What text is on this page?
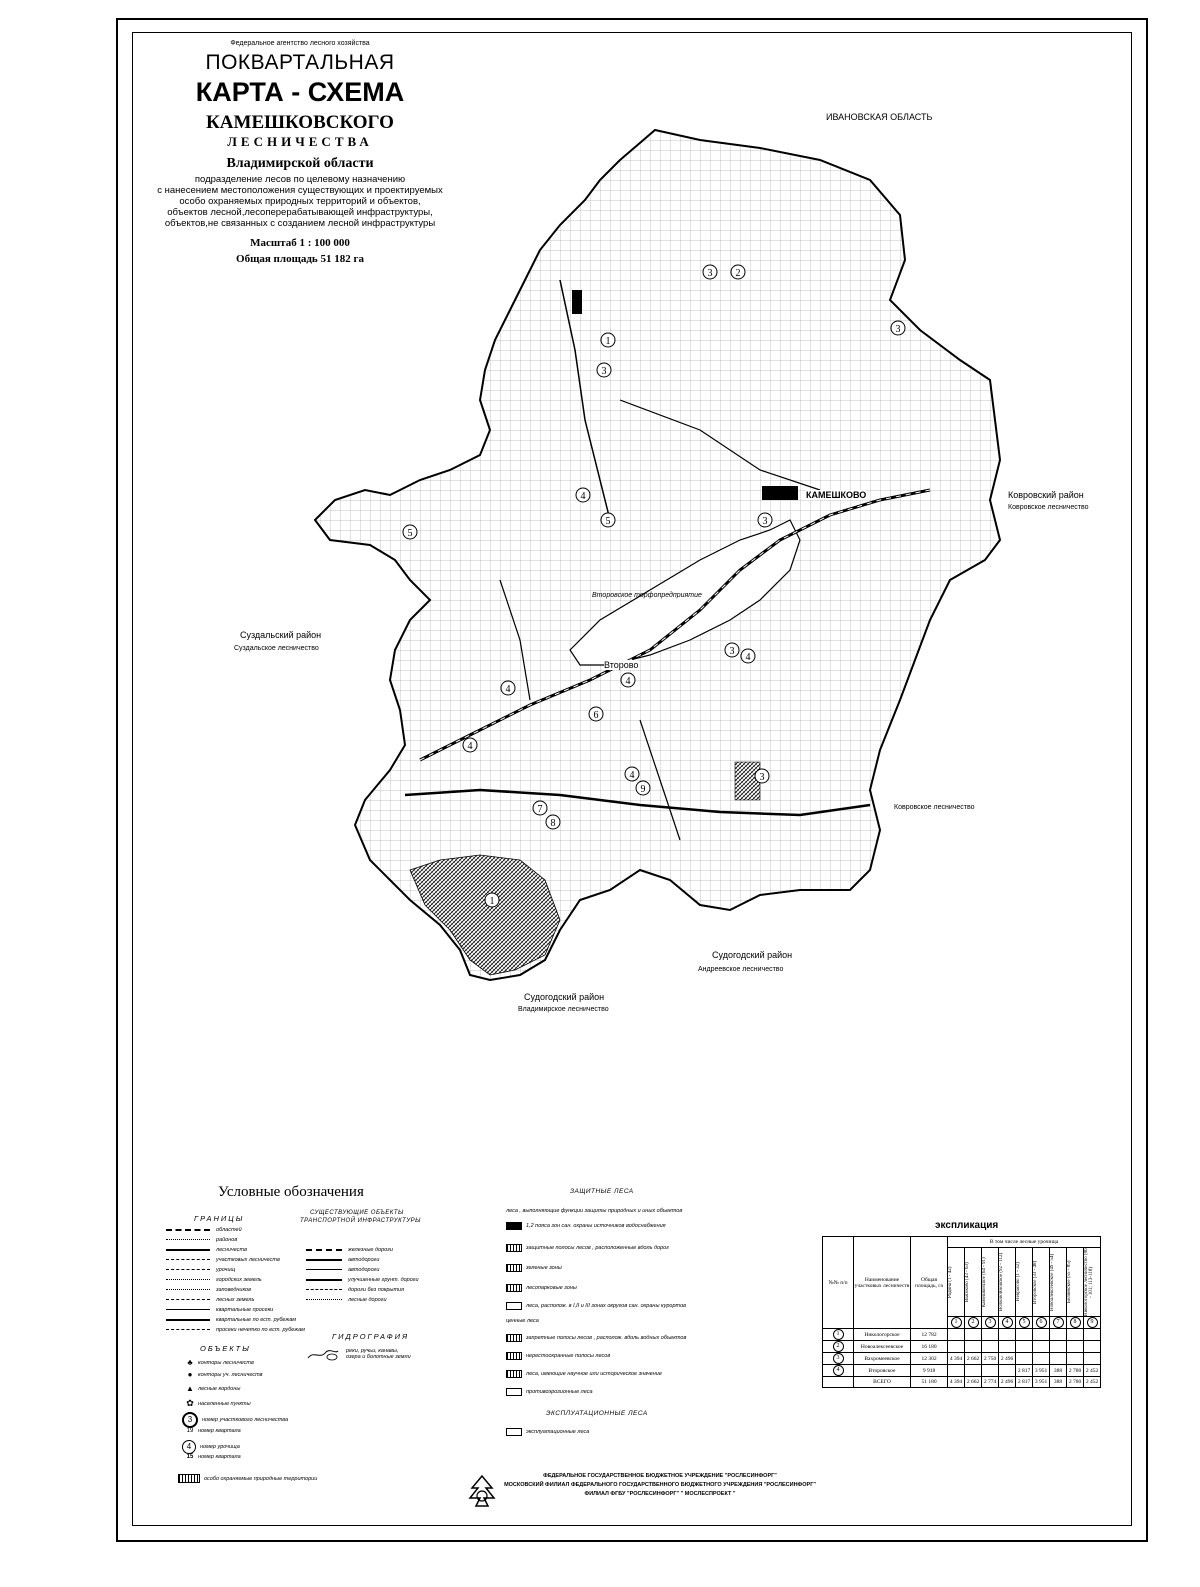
Федеральное агентство лесного хозяйства
ПОКВАРТАЛЬНАЯ
КАРТА - СХЕМА
КАМЕШКОВСКОГО
ЛЕСНИЧЕСТВА
Владимирской области
подразделение лесов по целевому назначению
с нанесением местоположения существующих и проектируемых
особо охраняемых природных территорий и объектов,
объектов лесной,лесоперерабатывающей инфраструктуры,
объектов,не связанных с созданием лесной инфраструктуры
Масштаб 1 : 100 000
Общая площадь 51 182 га
3 2
3
1
3
5
4
5
3
3
4
4
4
6
4
7
8
9
4	3
1
ИВАНОВСКАЯ ОБЛАСТЬ
Ковровский район
Ковровское лесничество
Ковровское лесничество
Суздальский район
Суздальское лесничество
Судогодский район
Андреевское лесничество
Судогодский район
Владимирское лесничество
КАМЕШКОВО
Второво
Второвское торфопредприятие
Условные обозначения
ГРАНИЦЫ
областей
районов
лесничеств
участковых лесничеств
урочищ
городских земель
заповедников
лесных земель
квартальные просеки
квартальные по ест. рубежам
просеки нечетко по ест. рубежам
ОБЪЕКТЫ
♣ конторы лесничеств
●	конторы уч. лесничеств
▲ лесные кордоны
✿ населенные пункты
3	номер участкового лесничества
19 номер квартала
4	номер урочища
15 номер квартала
особо охраняемые природные территории
СУЩЕСТВУЮЩИЕ ОБЪЕКТЫ
ТРАНСПОРТНОЙ ИНФРАСТРУКТУРЫ
железные дороги
автодороги
автодороги
улучшенные грунт. дороги
дороги без покрытия
лесные дороги
ГИДРОГРАФИЯ
реки, ручьи, канавы,
озера и болотные земли
ЗАЩИТНЫЕ ЛЕСА
леса , выполняющие функции защиты природных и иных объектов
1,2 пояса зон сан. охраны источников водоснабжения
защитные полосы лесов , расположенные вдоль дорог
зеленые зоны
лесопарковые зоны
леса, располож. в I,II и III зонах округов сан. охраны курортов
ценные леса
запретные полосы лесов , располож. вдоль водных объектов
нерестоохранные полосы лесов
леса, имеющие научное или историческое значение
противоэрозионные леса
ЭКСПЛУАТАЦИОННЫЕ ЛЕСА
эксплуатационные леса
экспликация
№№ п/п	Наименование участковых лесничеств	Общая площадь, га	В том числе лесные урочища								

			Радина (1 - 42)	Высоково (43 - 63)	Камешковское (64 - 91)	Волковойновское (92 - 112)	Некрасово (1 - 32)	Второвское (33 - 48)	Новоалексеевское (49 - 54)	Беляевское (55 - 85)	Никологорское лесничество (86 - 101; 113-118)

			1	2	3	4	5	6	7	8	9
1	Никологорское	12 782									
2	Новоалексеевское	16 180									
3	Вахромеевское	12 302	4 394	2 662	2 750	2 496					
4	Второвское	9 918					2 817	3 951	388	2 780	2 452
	ВСЕГО	51 180	4 394	2 662	2 774	2 496	2 817	3 951	388	2 780	2 452
ФЕДЕРАЛЬНОЕ ГОСУДАРСТВЕННОЕ БЮДЖЕТНОЕ УЧРЕЖДЕНИЕ "РОСЛЕСИНФОРГ"
МОСКОВСКИЙ ФИЛИАЛ ФЕДЕРАЛЬНОГО ГОСУДАРСТВЕННОГО БЮДЖЕТНОГО УЧРЕЖДЕНИЯ "РОСЛЕСИНФОРГ"
ФИЛИАЛ ФГБУ "РОСЛЕСИНФОРГ" " МОСЛЕСПРОЕКТ "
